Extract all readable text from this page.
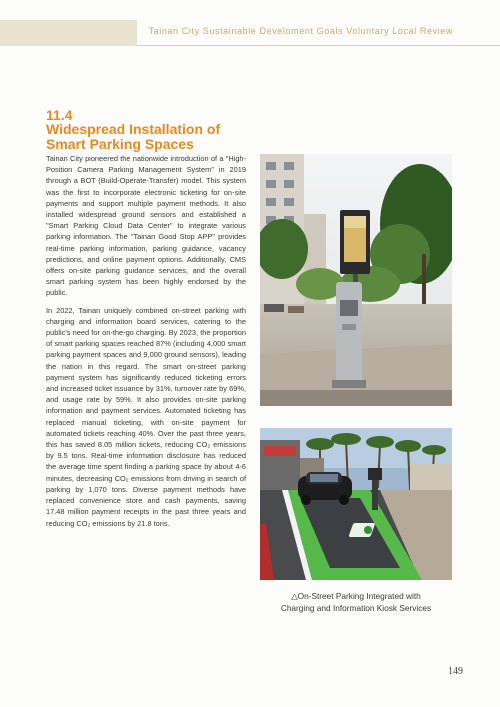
Tainan City Sustainable Develoment Goals Voluntary Local Review
11.4
Widespread Installation of Smart Parking Spaces

Tainan City pioneered the nationwide introduction of a "High-Position Camera Parking Management System" in 2019 through a BOT (Build-Operate-Transfer) model. This system was the first to incorporate electronic ticketing for on-site payments and support multiple payment methods. It also installed widespread ground sensors and established a "Smart Parking Cloud Data Center" to integrate various parking information. The "Tainan Good Stop APP" provides real-time parking information, parking guidance, vacancy predictions, and online payment options. Additionally, CMS offers on-site parking guidance services, and the overall smart parking system has been highly endorsed by the public.

In 2022, Tainan uniquely combined on-street parking with charging and information board services, catering to the public's need for on-the-go charging. By 2023, the proportion of smart parking spaces reached 87% (including 4,000 smart parking payment spaces and 9,000 ground sensors), leading the nation in this regard. The smart on-street parking payment system has significantly reduced ticketing errors and increased ticket issuance by 31%, turnover rate by 69%, and usage rate by 59%. It also provides on-site parking information and payment services. Automated ticketing has replaced manual ticketing, with on-site payment for automated tickets reaching 40%. Over the past three years, this has saved 8.05 million tickets, reducing CO₂ emissions by 9.5 tons. Real-time information disclosure has reduced the average time spent finding a parking space by about 4-6 minutes, decreasing CO₂ emissions from driving in search of parking by 1,070 tons. Diverse payment methods have replaced convenience store and cash payments, saving 17.48 million payment receipts in the past three years and reducing CO₂ emissions by 21.8 tons.

△On-Street Parking Integrated with
Charging and Information Kiosk Services
149
